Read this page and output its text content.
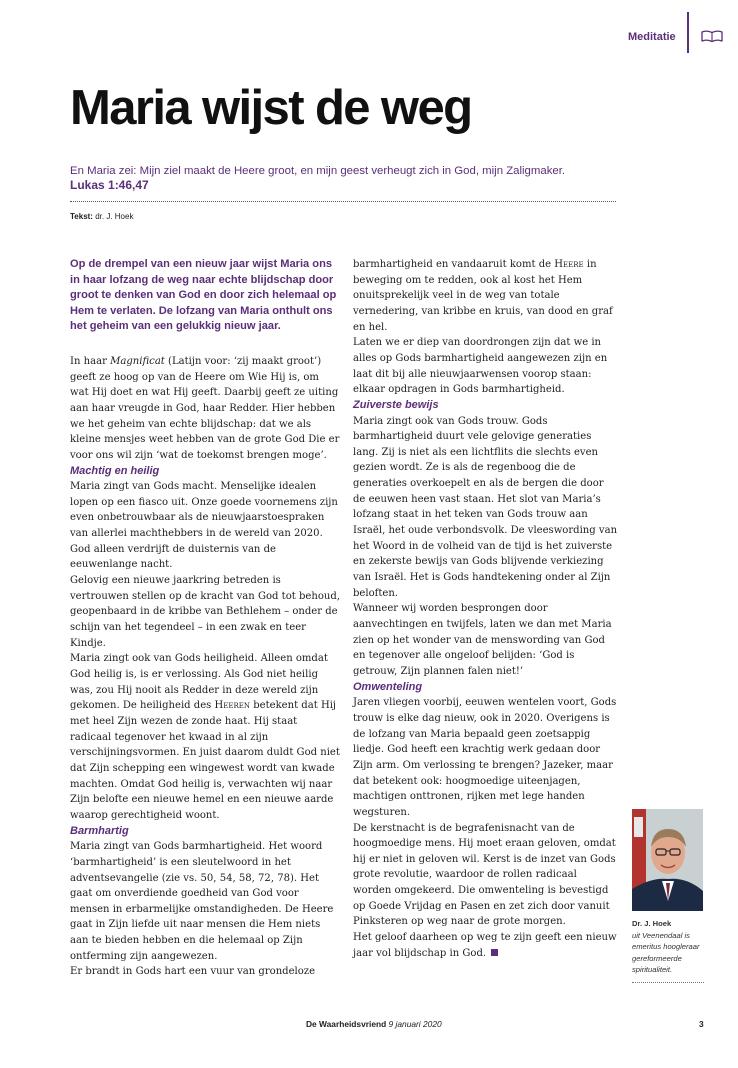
Meditatie
Maria wijst de weg
En Maria zei: Mijn ziel maakt de Heere groot, en mijn geest verheugt zich in God, mijn Zaligmaker.
Lukas 1:46,47
Tekst: dr. J. Hoek

Op de drempel van een nieuw jaar wijst Maria ons in haar lofzang de weg naar echte blijdschap door groot te denken van God en door zich helemaal op Hem te verlaten. De lofzang van Maria onthult ons het geheim van een gelukkig nieuw jaar.

In haar Magnificat (Latijn voor: ‘zij maakt groot’) geeft ze hoog op van de Heere om Wie Hij is, om wat Hij doet en wat Hij geeft. Daarbij geeft ze uiting aan haar vreugde in God, haar Redder. Hier hebben we het geheim van echte blijdschap: dat we als kleine mensjes weet hebben van de grote God Die er voor ons wil zijn ‘wat de toekomst brengen moge’.

Machtig en heilig

Maria zingt van Gods macht. Menselijke idealen lopen op een fiasco uit. Onze goede voornemens zijn even onbetrouwbaar als de nieuwjaarstoespraken van allerlei machthebbers in de wereld van 2020. God alleen verdrijft de duisternis van de eeuwenlange nacht.

Gelovig een nieuwe jaarkring betreden is vertrouwen stellen op de kracht van God tot behoud, geopenbaard in de kribbe van Bethlehem – onder de schijn van het tegendeel – in een zwak en teer Kindje.

Maria zingt ook van Gods heiligheid. Alleen omdat God heilig is, is er verlossing. Als God niet heilig was, zou Hij nooit als Redder in deze wereld zijn gekomen. De heiligheid des Heeren betekent dat Hij met heel Zijn wezen de zonde haat. Hij staat radicaal tegenover het kwaad in al zijn verschijningsvormen. En juist daarom duldt God niet dat Zijn schepping een wingewest wordt van kwade machten. Omdat God heilig is, verwachten wij naar Zijn belofte een nieuwe hemel en een nieuwe aarde waarop gerechtigheid woont.

Barmhartig

Maria zingt van Gods barmhartigheid. Het woord ‘barmhartigheid’ is een sleutelwoord in het adventsevangelie (zie vs. 50, 54, 58, 72, 78). Het gaat om onverdiende goedheid van God voor mensen in erbarmelijke omstandigheden. De Heere gaat in Zijn liefde uit naar mensen die Hem niets aan te bieden hebben en die helemaal op Zijn ontferming zijn aangewezen.

Er brandt in Gods hart een vuur van grondeloze

Dr. J. Hoek
uit Veenendaal is emeritus hoogleraar gereformeerde spiritualiteit.
De Waarheidsvriend 9 januari 2020	3

barmhartigheid en vandaaruit komt de Heere in beweging om te redden, ook al kost het Hem onuitsprekelijk veel in de weg van totale vernedering, van kribbe en kruis, van dood en graf en hel.

Laten we er diep van doordrongen zijn dat we in alles op Gods barmhartigheid aangewezen zijn en laat dit bij alle nieuwjaarwensen voorop staan: elkaar opdragen in Gods barmhartigheid.

Zuiverste bewijs

Maria zingt ook van Gods trouw. Gods barmhartigheid duurt vele gelovige generaties lang. Zij is niet als een lichtflits die slechts even gezien wordt. Ze is als de regenboog die de generaties overkoepelt en als de bergen die door de eeuwen heen vast staan. Het slot van Maria’s lofzang staat in het teken van Gods trouw aan Israël, het oude verbondsvolk. De vleeswording van het Woord in de volheid van de tijd is het zuiverste en zekerste bewijs van Gods blijvende verkiezing van Israël. Het is Gods handtekening onder al Zijn beloften.

Wanneer wij worden besprongen door aanvechtingen en twijfels, laten we dan met Maria zien op het wonder van de menswording van God en tegenover alle ongeloof belijden: ‘God is getrouw, Zijn plannen falen niet!’

Omwenteling

Jaren vliegen voorbij, eeuwen wentelen voort, Gods trouw is elke dag nieuw, ook in 2020. Overigens is de lofzang van Maria bepaald geen zoetsappig liedje. God heeft een krachtig werk gedaan door Zijn arm. Om verlossing te brengen? Jazeker, maar dat betekent ook: hoogmoedige uiteenjagen, machtigen onttronen, rijken met lege handen wegsturen.

De kerstnacht is de begrafenisnacht van de hoogmoedige mens. Hij moet eraan geloven, omdat hij er niet in geloven wil. Kerst is de inzet van Gods grote revolutie, waardoor de rollen radicaal worden omgekeerd. Die omwenteling is bevestigd op Goede Vrijdag en Pasen en zet zich door vanuit Pinksteren op weg naar de grote morgen.

Het geloof daarheen op weg te zijn geeft een nieuw jaar vol blijdschap in God.
